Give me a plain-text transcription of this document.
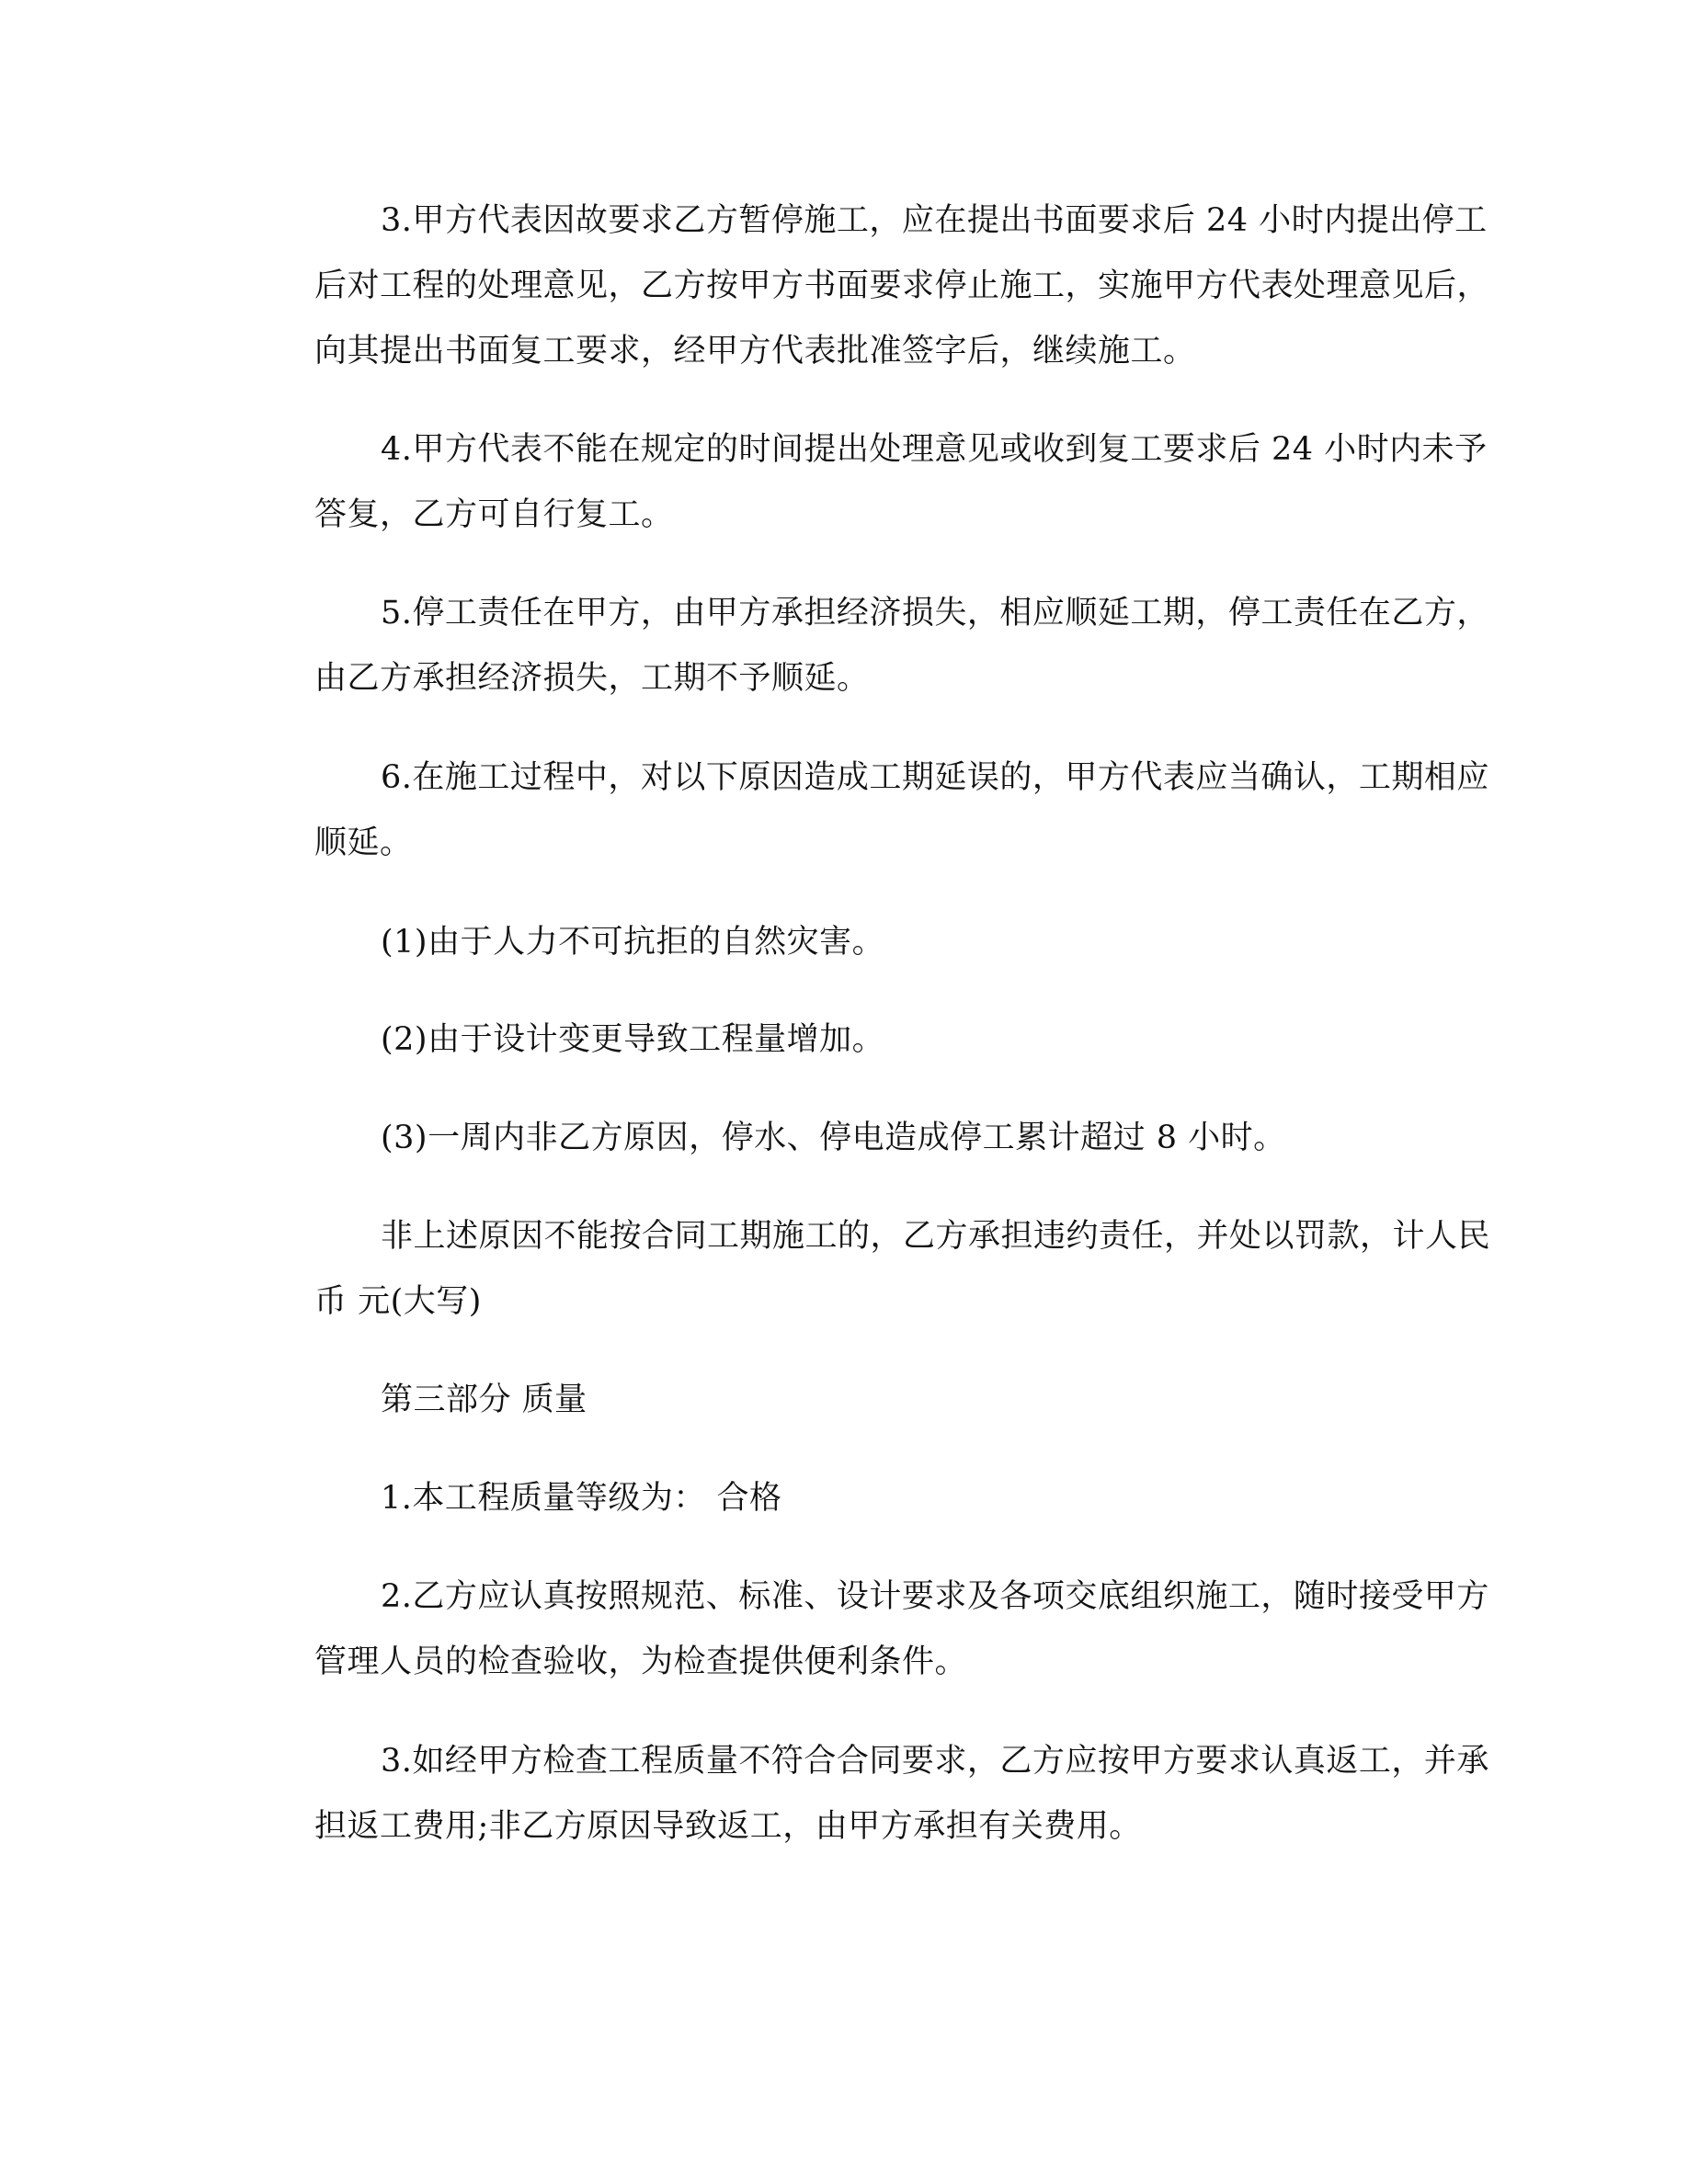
3.甲方代表因故要求乙方暂停施工，应在提出书面要求后 24 小时内提出停工
后对工程的处理意见，乙方按甲方书面要求停止施工，实施甲方代表处理意见后，
向其提出书面复工要求，经甲方代表批准签字后，继续施工。
4.甲方代表不能在规定的时间提出处理意见或收到复工要求后 24 小时内未予
答复，乙方可自行复工。
5.停工责任在甲方，由甲方承担经济损失，相应顺延工期，停工责任在乙方，
由乙方承担经济损失，工期不予顺延。
6.在施工过程中，对以下原因造成工期延误的，甲方代表应当确认，工期相应
顺延。
(1)由于人力不可抗拒的自然灾害。
(2)由于设计变更导致工程量增加。
(3)一周内非乙方原因，停水、停电造成停工累计超过 8 小时。
非上述原因不能按合同工期施工的，乙方承担违约责任，并处以罚款，计人民
币 元(大写)
第三部分 质量
1.本工程质量等级为： 合格
2.乙方应认真按照规范、标准、设计要求及各项交底组织施工，随时接受甲方
管理人员的检查验收，为检查提供便利条件。
3.如经甲方检查工程质量不符合合同要求，乙方应按甲方要求认真返工，并承
担返工费用;非乙方原因导致返工，由甲方承担有关费用。
